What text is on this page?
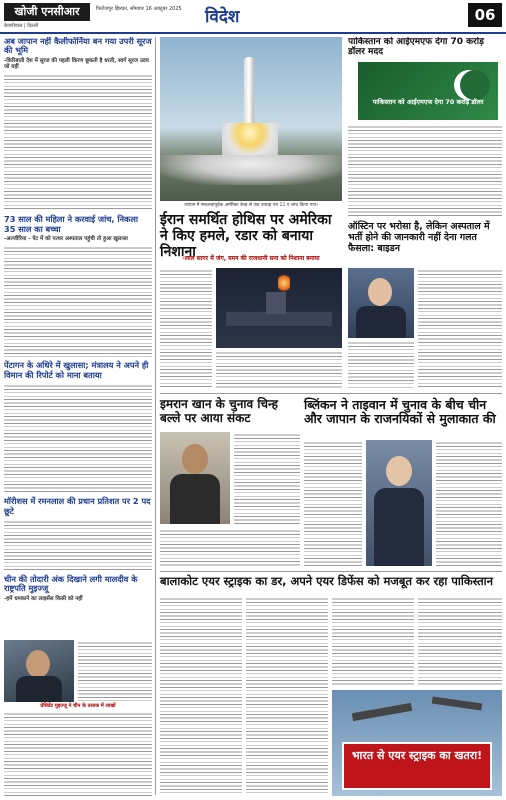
खोजी एनसीआर
केजरीवाल | दिल्ली
फिरोजपुर झिरका, सोमवार 16 अक्टूबर 2025 विदेश	06
अब जापान नहीं कैलीफोर्निया बन गया उपरी सूरज की भूमि
-किरिबाती देश में सूरज की पहली किरण छूकती है धरती, स्वर्ग सूरज उदय जो यहीं
73 साल की महिला ने करवाई जांच, निकला 35 साल का बच्चा
-अल्जीरिया - पेट में को पत्थर अस्पताल पहुंची तो हुआ खुलासा
पेंटागन के अधिरे में खुलासा; मंत्रालय ने अपने ही विमान की रिपोर्ट को माना बताया
मॉरीशस में रमनलाल की प्रधान प्रतिशत पर 2 पद छूटे
चीन की तोदारी अंक दिखाने लगी मालदीव के राष्ट्रपति मुइज्जू
-हमें धमकाने का लाइसेंस किसी को नहीं
प्रेसिडेंट मुइज्जू ने चीन के तलाक में लाखों
जापान में सफलतापूर्वक अमेरिका केन्द्र से एक उपग्रह एच 11 ए लांच किया गया।
पाकिस्तान को आईएमएफ देगा 70 करोड़ डॉलर मदद
पाकिस्तान को आईएमएफ देगा 70 करोड़ डॉलर
ईरान समर्थित होथिस पर अमेरिका ने किए हमले, रडार को बनाया निशाना
-लाल सागर में जंग, यमन की राजधानी सना को निशाना बनाया
ऑस्टिन पर भरोसा है, लेकिन अस्पताल में भर्ती होने की जानकारी नहीं देना गलत फैसला: बाइडन
इमरान खान के चुनाव चिन्ह बल्ले पर आया संकट
ब्लिंकन ने ताइवान में चुनाव के बीच चीन और जापान के राजनयिकों से मुलाकात की
बालाकोट एयर स्ट्राइक का डर, अपने एयर डिफेंस को मजबूत कर रहा पाकिस्तान
भारत से एयर स्ट्राइक का खतरा!
